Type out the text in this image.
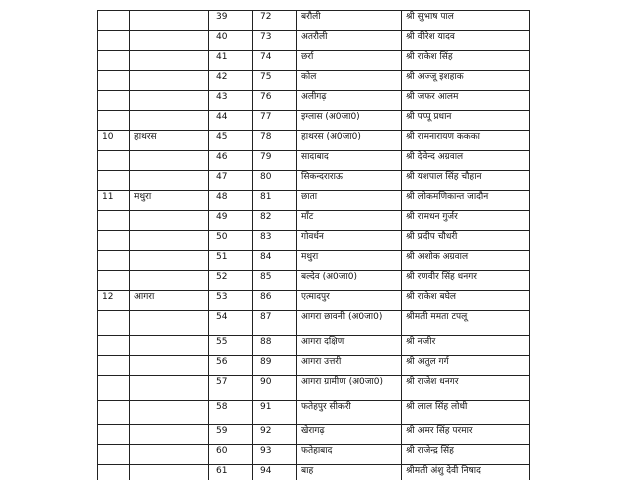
		39	72	बरौली	श्री सुभाष पाल
		40	73	अतरौली	श्री वीरेश यादव
		41	74	छर्रा	श्री राकेश सिंह
		42	75	कोल	श्री अज्जू इशहाक
		43	76	अलीगढ़	श्री जफर आलम
		44	77	इग्लास (अ0जा0)	श्री पप्पू प्रधान
10	हाथरस	45	78	हाथरस (अ0जा0)	श्री रामनारायण ककका
		46	79	सादाबाद	श्री देवेन्द अग्रवाल
		47	80	सिकन्दराराऊ	श्री यशपाल सिंह चौहान
11	मथुरा	48	81	छाता	श्री लोकमणिकान्त जादौन
		49	82	माँट	श्री रामधन गुर्जर
		50	83	गोवर्धन	श्री प्रदीप चौधरी
		51	84	मथुरा	श्री अशोक अग्रवाल
		52	85	बल्देव (अ0जा0)	श्री रणवीर सिंह धनगर
12	आगरा	53	86	एत्मादपुर	श्री राकेश बघेल
		54	87	आगरा छावनी (अ0जा0)	श्रीमती ममता टपलू
		55	88	आगरा दक्षिण	श्री नजीर
		56	89	आगरा उत्तरी	श्री अतुल गर्ग
		57	90	आगरा ग्रामीण (अ0जा0)	श्री राजेश धनगर
		58	91	फतेहपुर सीकरी	श्री लाल सिंह लोधी
		59	92	खेरागढ़	श्री अमर सिंह परमार
		60	93	फतेहाबाद	श्री राजेन्द्र सिंह
		61	94	बाह	श्रीमती अंशु देवी निषाद
